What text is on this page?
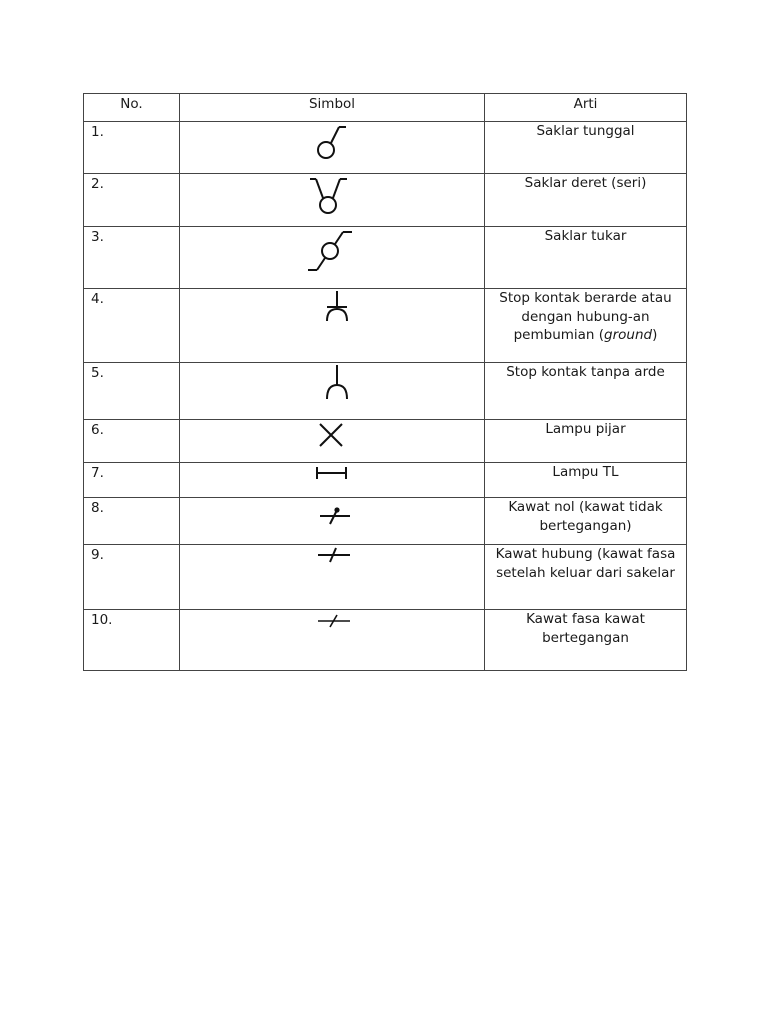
No.	Simbol	Arti
1.		Saklar tunggal

2.		Saklar deret (seri)

3.		Saklar tukar

4.		Stop kontak berarde atau dengan hubung-an pembumian (ground)

5.		Stop kontak tanpa arde

6.		Lampu pijar

7.		Lampu TL

8.		Kawat nol (kawat tidak bertegangan)

9.		Kawat hubung (kawat fasa setelah keluar dari sakelar

10.		Kawat fasa kawat bertegangan
